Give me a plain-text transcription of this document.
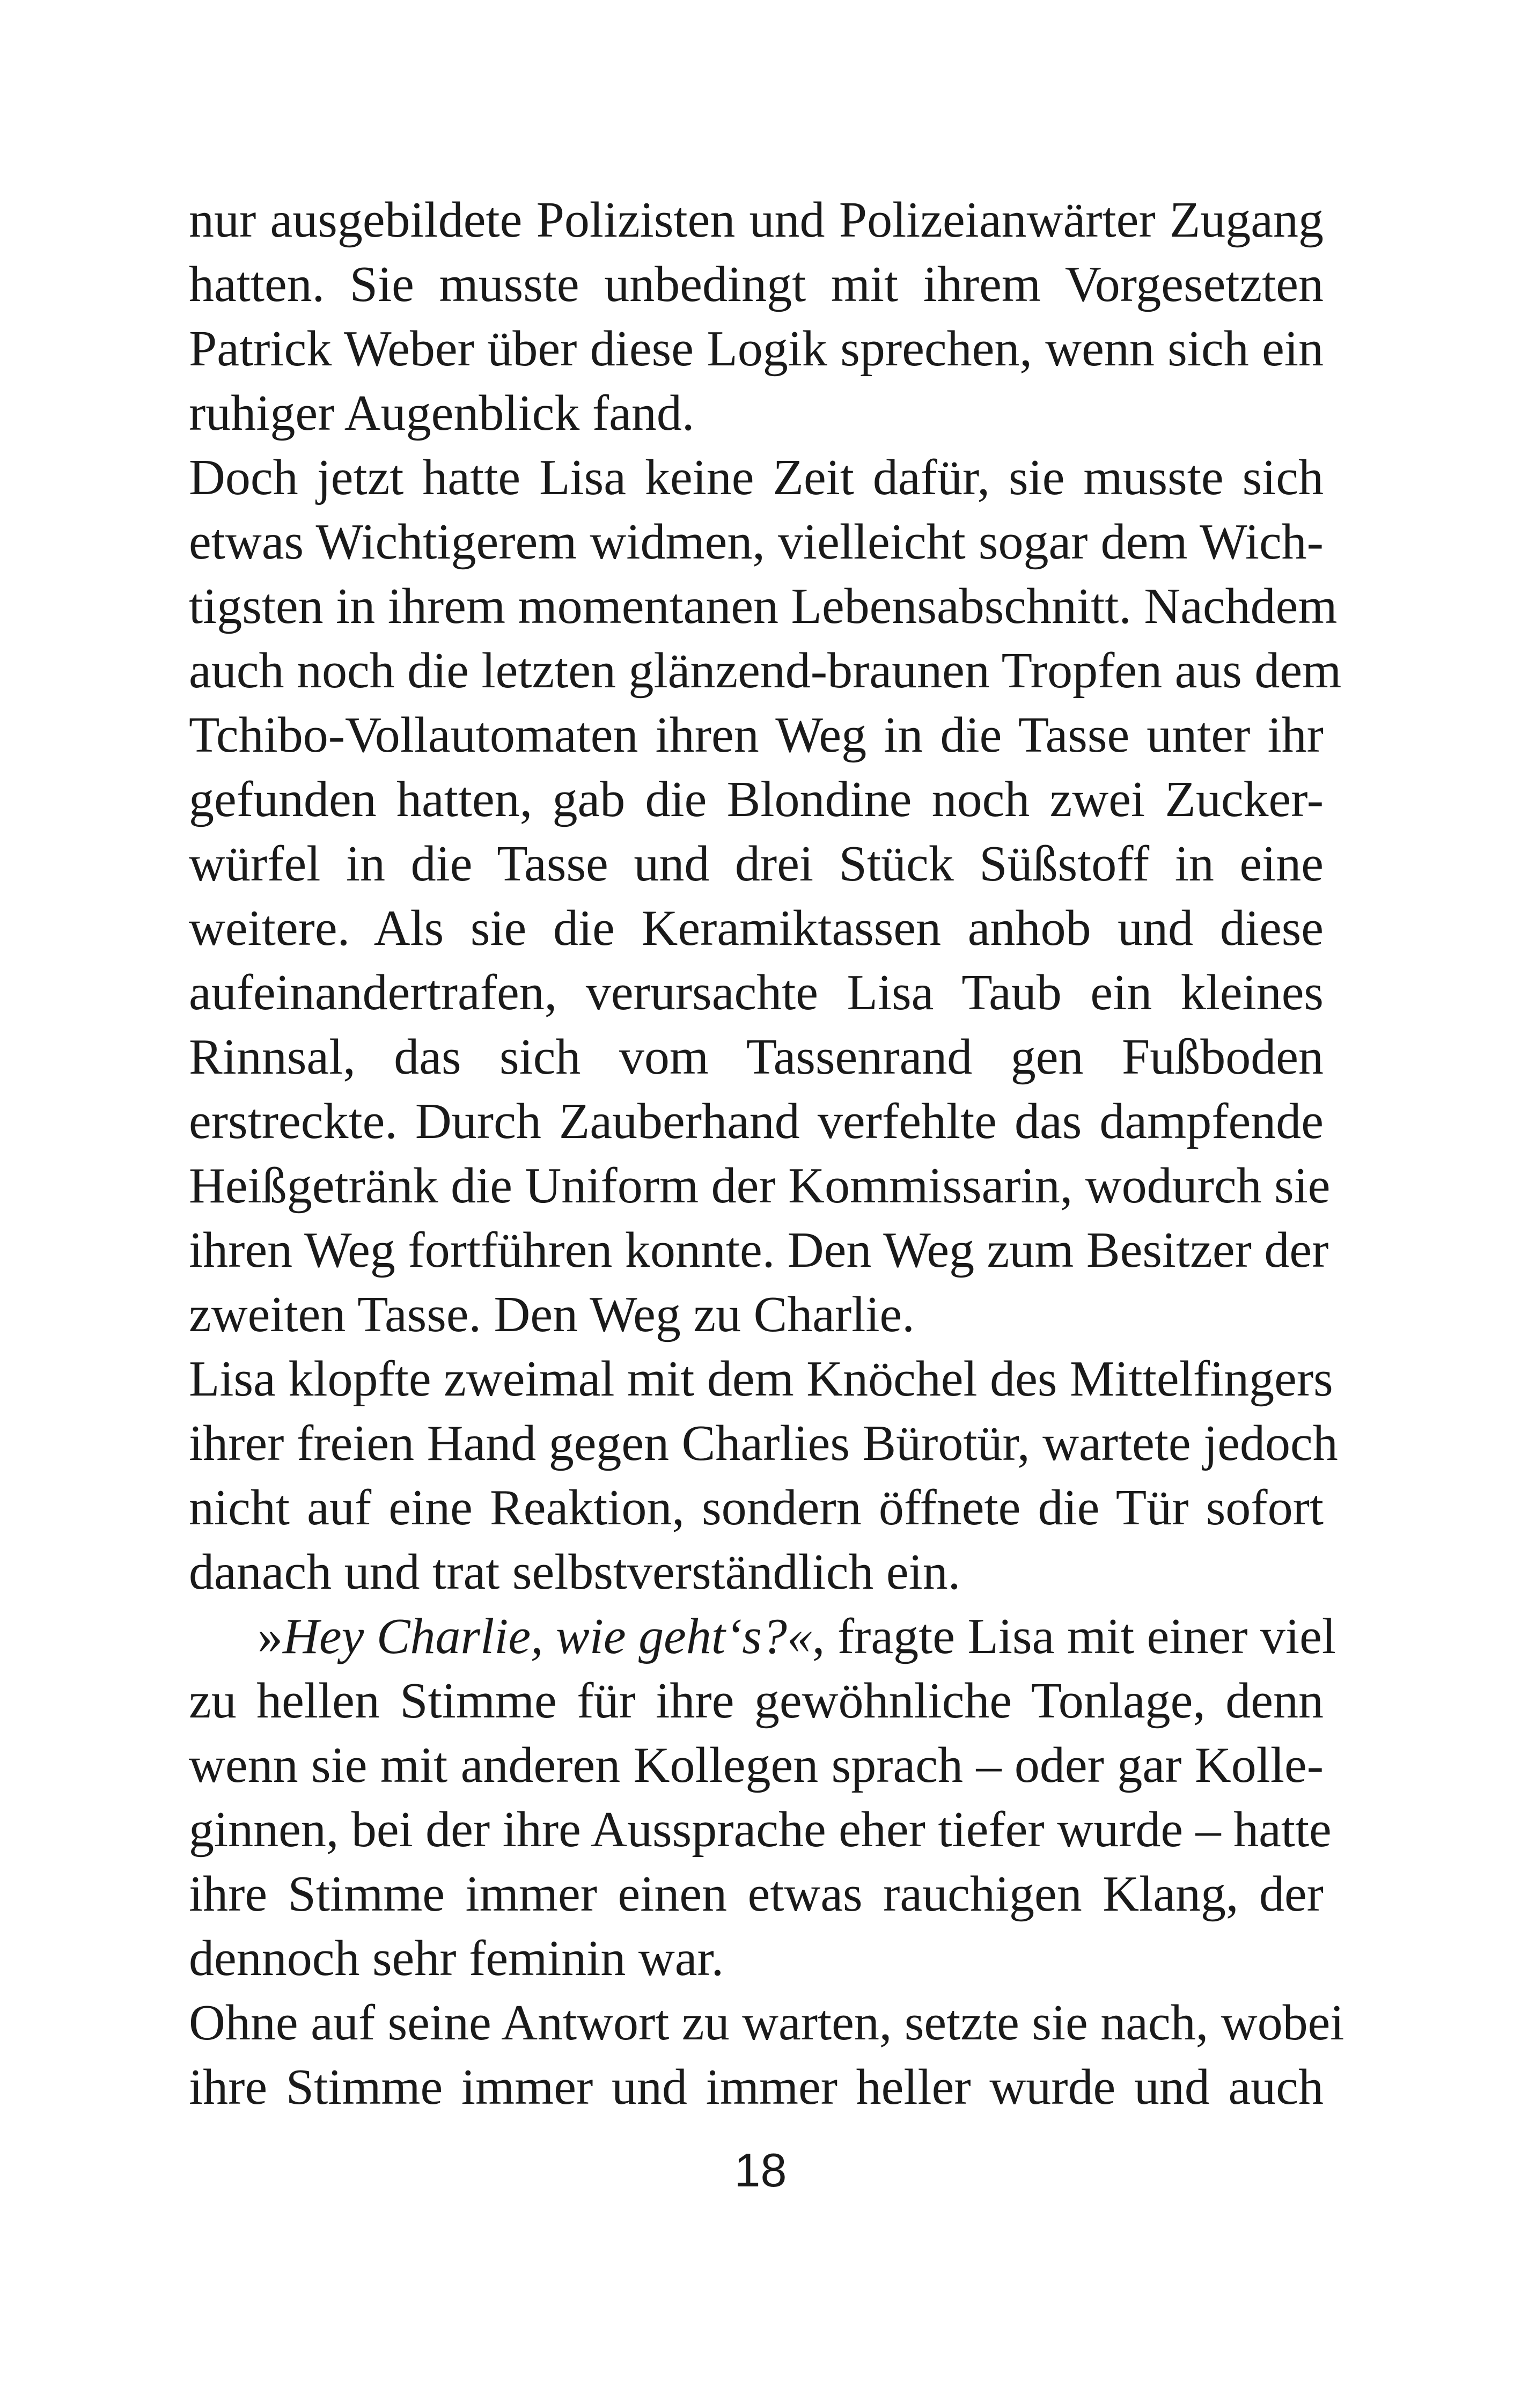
nur ausgebildete Polizisten und Polizeianwärter Zugang
hatten. Sie musste unbedingt mit ihrem Vorgesetzten
Patrick Weber über diese Logik sprechen, wenn sich ein
ruhiger Augenblick fand.
Doch jetzt hatte Lisa keine Zeit dafür, sie musste sich
etwas Wichtigerem widmen, vielleicht sogar dem Wich-
tigsten in ihrem momentanen Lebensabschnitt. Nachdem
auch noch die letzten glänzend-braunen Tropfen aus dem
Tchibo-Vollautomaten ihren Weg in die Tasse unter ihr
gefunden hatten, gab die Blondine noch zwei Zucker-
würfel in die Tasse und drei Stück Süßstoff in eine
weitere. Als sie die Keramiktassen anhob und diese
aufeinandertrafen, verursachte Lisa Taub ein kleines
Rinnsal, das sich vom Tassenrand gen Fußboden
erstreckte. Durch Zauberhand verfehlte das dampfende
Heißgetränk die Uniform der Kommissarin, wodurch sie
ihren Weg fortführen konnte. Den Weg zum Besitzer der
zweiten Tasse. Den Weg zu Charlie.
Lisa klopfte zweimal mit dem Knöchel des Mittelfingers
ihrer freien Hand gegen Charlies Bürotür, wartete jedoch
nicht auf eine Reaktion, sondern öffnete die Tür sofort
danach und trat selbstverständlich ein.
»Hey Charlie, wie geht‘s?«, fragte Lisa mit einer viel
zu hellen Stimme für ihre gewöhnliche Tonlage, denn
wenn sie mit anderen Kollegen sprach – oder gar Kolle-
ginnen, bei der ihre Aussprache eher tiefer wurde – hatte
ihre Stimme immer einen etwas rauchigen Klang, der
dennoch sehr feminin war.
Ohne auf seine Antwort zu warten, setzte sie nach, wobei
ihre Stimme immer und immer heller wurde und auch
18
